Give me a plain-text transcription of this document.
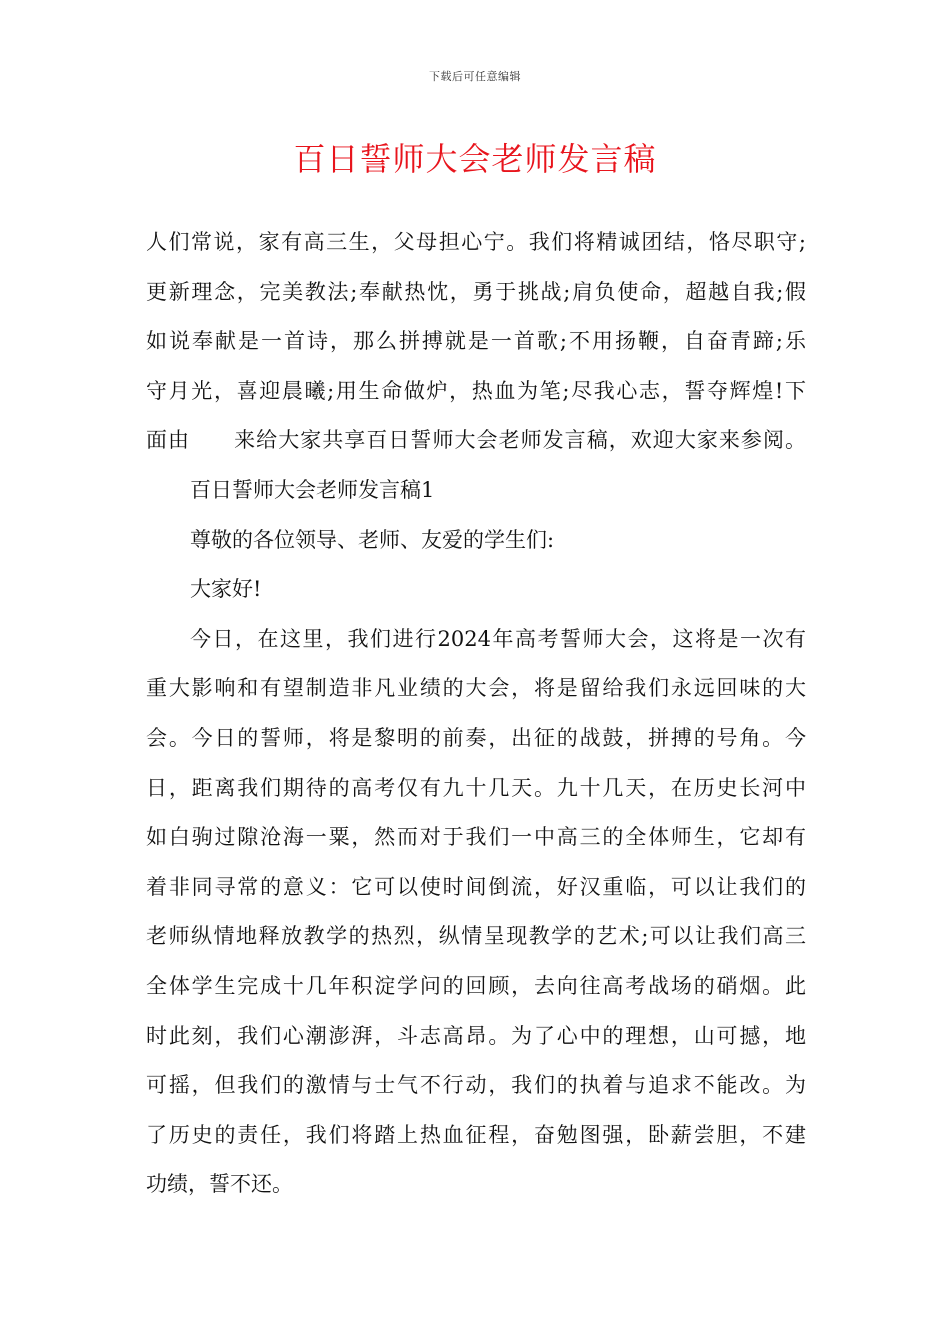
下载后可任意编辑
百日誓师大会老师发言稿
人们常说，家有高三生，父母担心宁。我们将精诚团结，恪尽职守;
更新理念，完美教法;奉献热忱，勇于挑战;肩负使命，超越自我;假
如说奉献是一首诗，那么拼搏就是一首歌;不用扬鞭，自奋青蹄;乐
守月光，喜迎晨曦;用生命做炉，热血为笔;尽我心志，誓夺辉煌!下
面由　　来给大家共享百日誓师大会老师发言稿，欢迎大家来参阅。
百日誓师大会老师发言稿1
尊敬的各位领导、老师、友爱的学生们:
大家好!
今日，在这里，我们进行2024年高考誓师大会，这将是一次有
重大影响和有望制造非凡业绩的大会，将是留给我们永远回味的大
会。今日的誓师，将是黎明的前奏，出征的战鼓，拼搏的号角。今
日，距离我们期待的高考仅有九十几天。九十几天，在历史长河中
如白驹过隙沧海一粟，然而对于我们一中高三的全体师生，它却有
着非同寻常的意义：它可以使时间倒流，好汉重临，可以让我们的
老师纵情地释放教学的热烈，纵情呈现教学的艺术;可以让我们高三
全体学生完成十几年积淀学问的回顾，去向往高考战场的硝烟。此
时此刻，我们心潮澎湃，斗志高昂。为了心中的理想，山可撼，地
可摇，但我们的激情与士气不行动，我们的执着与追求不能改。为
了历史的责任，我们将踏上热血征程，奋勉图强，卧薪尝胆，不建
功绩，誓不还。
